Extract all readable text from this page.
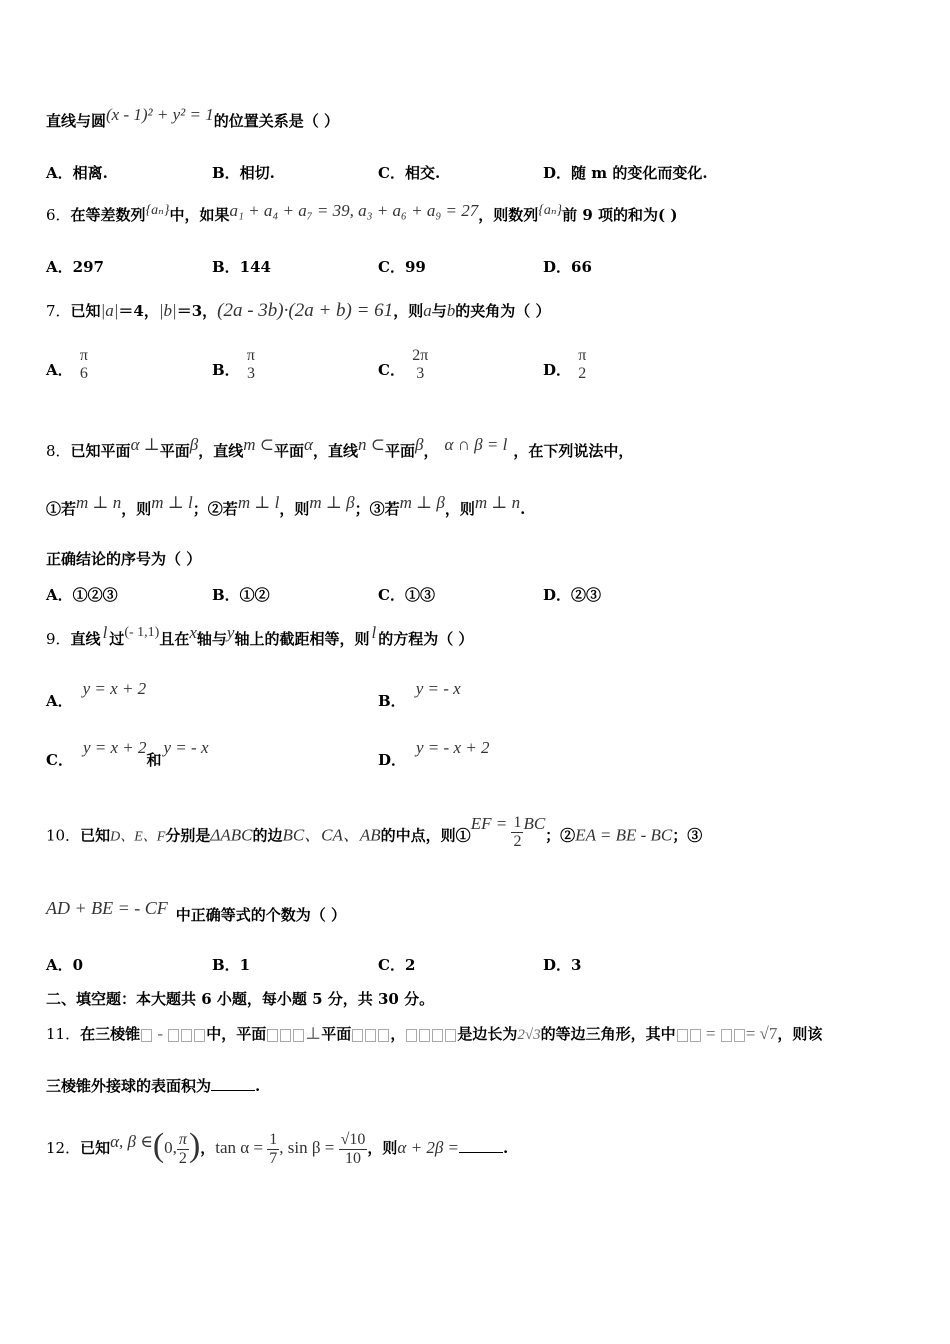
直线与圆(x - 1)² + y² = 1的位置关系是（ ）
A．相离.	B．相切.	C．相交.	D．随 m 的变化而变化.
6．在等差数列{aₙ}中，如果a₁ + a₄ + a₇ = 39, a₃ + a₆ + a₉ = 27，则数列{aₙ}前 9 项的和为( )
A．297	B．144	C．99	D．66
7．已知|a|＝4，|b|＝3，(2a - 3b)·(2a + b) = 61，则a与b的夹角为（ ）
A．
π
6	B．
π
3	C．
2π
3	D．
π
2
8．已知平面α ⊥平面β，直线m ⊂平面α，直线n ⊂平面β， α ∩ β = l ，在下列说法中，
①若m ⊥ n，则m ⊥ l；②若m ⊥ l，则m ⊥ β；③若m ⊥ β，则m ⊥ n.
正确结论的序号为（ ）
A．①②③	B．①②	C．①③	D．②③
9．直线 l 过(- 1,1)且在x轴与y轴上的截距相等，则 l 的方程为（ ）
A．y = x + 2
B．y = - x
C．y = x + 2和y = - x
D．y = - x + 2
10．已知D、E、F分别是ΔABC的边BC、CA、AB的中点，则①EF = $\frac{1}{2}$ BC；②EA = BE - BC；③
AD + BE = - CF 中正确等式的个数为（ ）
A．0	B．1	C．2	D．3
二、填空题：本大题共 6 小题，每小题 5 分，共 30 分。
11．在三棱锥 -	中，平面 ⊥平面	，	是边长为2√3的等边三角形，其中 = = √7，则该
三棱锥外接球的表面积为	.
12．已知α, β ∈(0, $\frac{\pi}{2}$ )，$\tan \alpha = \frac{1}{7}$ , $\sin \beta = \frac{√10}{10}$ ，则α + 2β =	.
